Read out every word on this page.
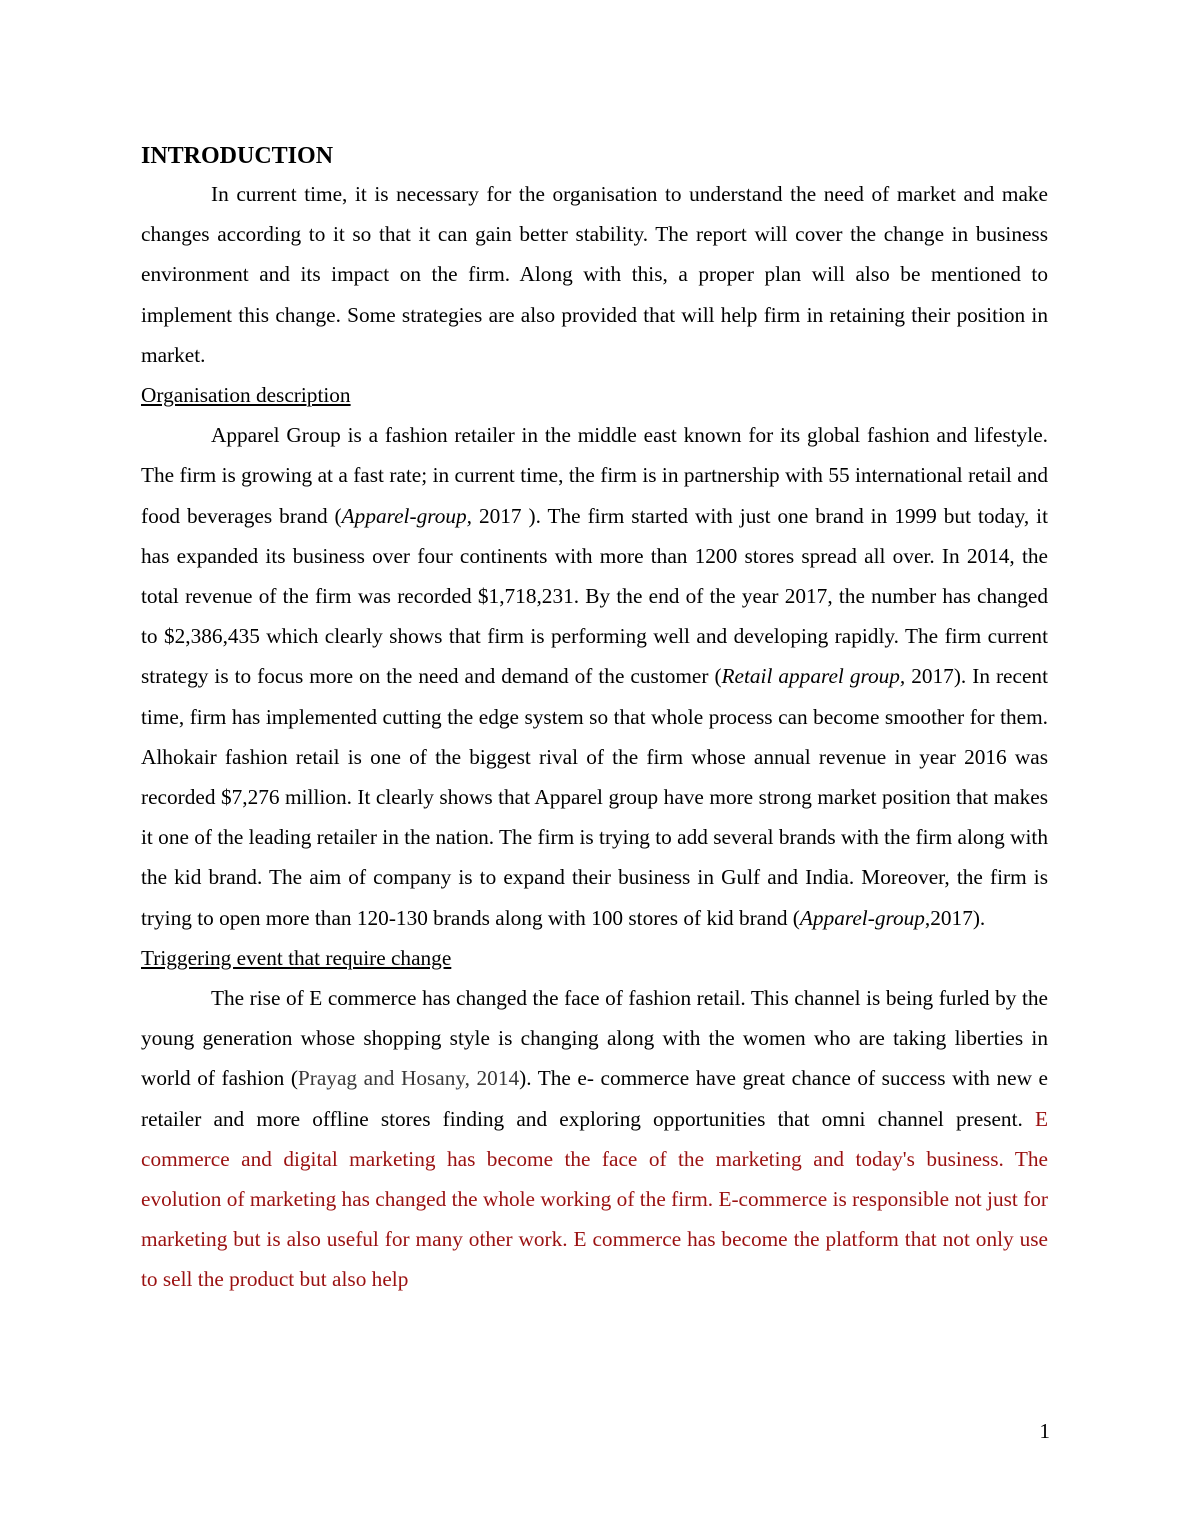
INTRODUCTION

In current time, it is necessary for the organisation to understand the need of market and make changes according to it so that it can gain better stability. The report will cover the change in business environment and its impact on the firm. Along with this, a proper plan will also be mentioned to implement this change. Some strategies are also provided that will help firm in retaining their position in market.

Organisation description

Apparel Group is a fashion retailer in the middle east known for its global fashion and lifestyle. The firm is growing at a fast rate; in current time, the firm is in partnership with 55 international retail and food beverages brand (Apparel-group, 2017 ). The firm started with just one brand in 1999 but today, it has expanded its business over four continents with more than 1200 stores spread all over. In 2014, the total revenue of the firm was recorded $1,718,231. By the end of the year 2017, the number has changed to $2,386,435 which clearly shows that firm is performing well and developing rapidly. The firm current strategy is to focus more on the need and demand of the customer (Retail apparel group, 2017). In recent time, firm has implemented cutting the edge system so that whole process can become smoother for them. Alhokair fashion retail is one of the biggest rival of the firm whose annual revenue in year 2016 was recorded $7,276 million. It clearly shows that Apparel group have more strong market position that makes it one of the leading retailer in the nation. The firm is trying to add several brands with the firm along with the kid brand. The aim of company is to expand their business in Gulf and India. Moreover, the firm is trying to open more than 120-130 brands along with 100 stores of kid brand (Apparel-group,2017).

Triggering event that require change

The rise of E commerce has changed the face of fashion retail. This channel is being furled by the young generation whose shopping style is changing along with the women who are taking liberties in world of fashion (Prayag and Hosany, 2014). The e- commerce have great chance of success with new e retailer and more offline stores finding and exploring opportunities that omni channel present. E commerce and digital marketing has become the face of the marketing and today's business. The evolution of marketing has changed the whole working of the firm. E-commerce is responsible not just for marketing but is also useful for many other work. E commerce has become the platform that not only use to sell the product but also help

1
